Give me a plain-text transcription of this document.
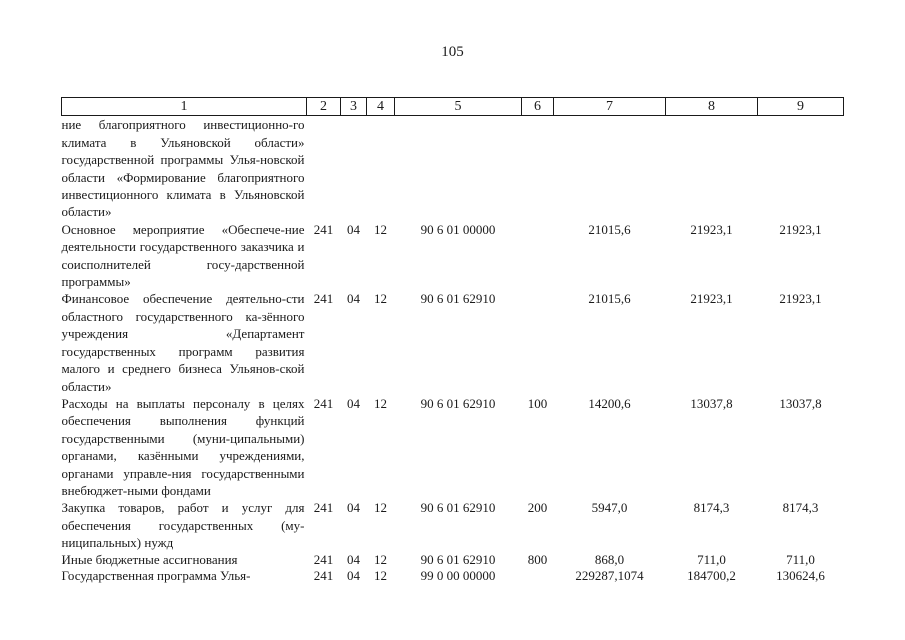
105
1	2	3	4	5	6	7	8	9
ние благоприятного инвестиционно-го климата в Ульяновской области» государственной программы Улья-новской области «Формирование благоприятного инвестиционного климата в Ульяновской области»								
Основное мероприятие «Обеспече-ние деятельности государственного заказчика и соисполнителей госу-дарственной программы»	241	04	12	90 6 01 00000		21015,6	21923,1	21923,1
Финансовое обеспечение деятельно-сти областного государственного ка-зённого учреждения «Департамент государственных программ развития малого и среднего бизнеса Ульянов-ской области»	241	04	12	90 6 01 62910		21015,6	21923,1	21923,1
Расходы на выплаты персоналу в целях обеспечения выполнения функций государственными (муни-ципальными) органами, казёнными учреждениями, органами управле-ния государственными внебюджет-ными фондами	241	04	12	90 6 01 62910	100	14200,6	13037,8	13037,8
Закупка товаров, работ и услуг для обеспечения государственных (му-ниципальных) нужд	241	04	12	90 6 01 62910	200	5947,0	8174,3	8174,3
Иные бюджетные ассигнования	241	04	12	90 6 01 62910	800	868,0	711,0	711,0
Государственная программа Улья-	241	04	12	99 0 00 00000		229287,1074	184700,2	130624,6
